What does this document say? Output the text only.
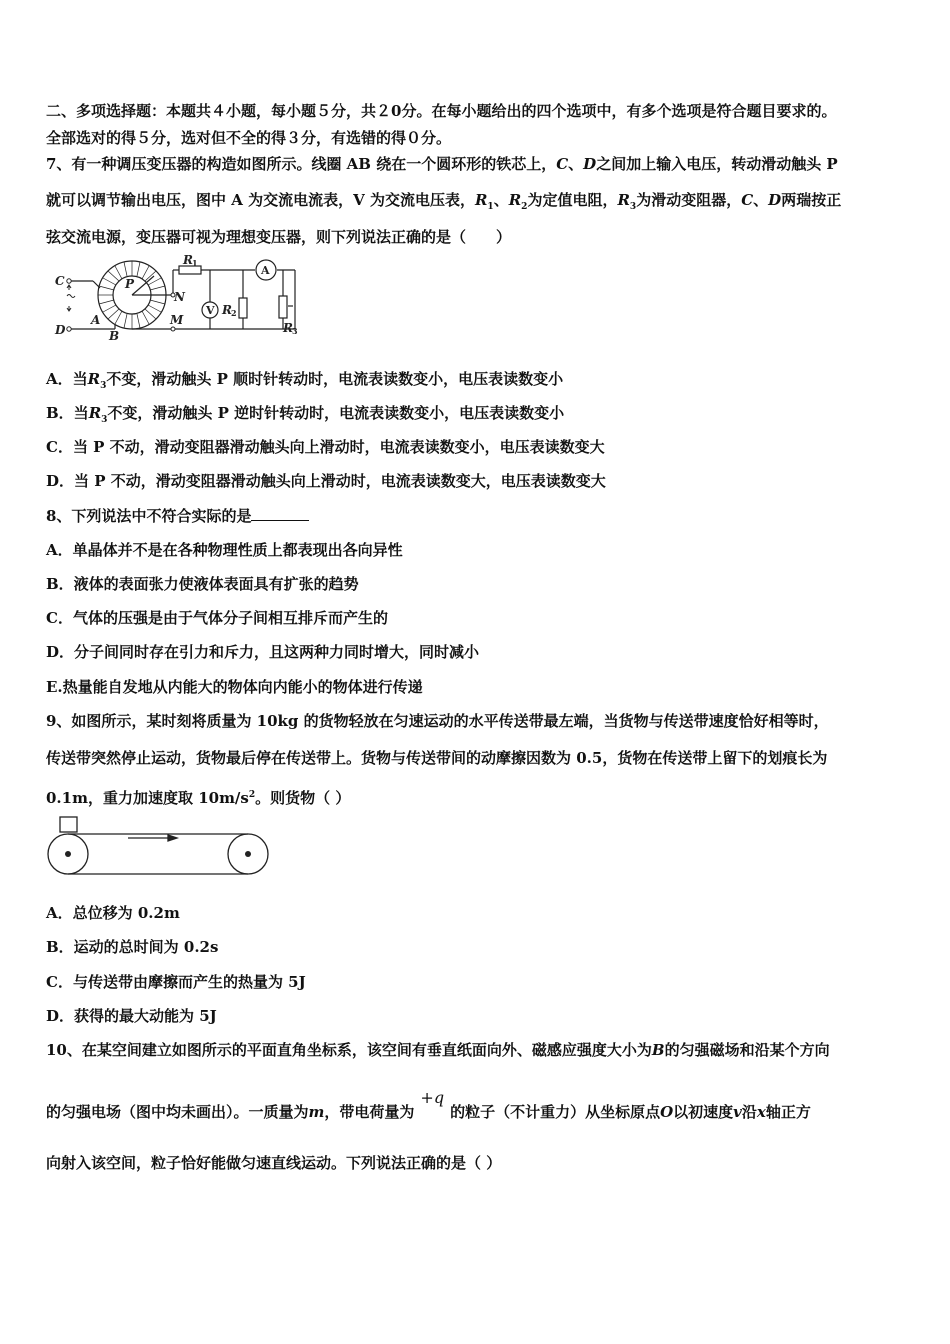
二、多项选择题：本题共４小题，每小题５分，共２0分。在每小题给出的四个选项中，有多个选项是符合题目要求的。
全部选对的得５分，选对但不全的得３分，有选错的得０分。
7、有一种调压变压器的构造如图所示。线圈 AB 绕在一个圆环形的铁芯上，C、D之间加上输入电压，转动滑动触头 P
就可以调节输出电压，图中 A 为交流电流表，V 为交流电压表，$R_1$、$R_2$为定值电阻，$R_3$为滑动变阻器，C、D两瑞按正
弦交流电源，变压器可视为理想变压器，则下列说法正确的是（　　）
C
D
A
B
P
N
M
R 1
R 2
R 3
V
A
A．当$R_3$不变，滑动触头 P 顺时针转动时，电流表读数变小，电压表读数变小
B．当$R_3$不变，滑动触头 P 逆时针转动时，电流表读数变小，电压表读数变小
C．当 P 不动，滑动变阻器滑动触头向上滑动时，电流表读数变小，电压表读数变大
D．当 P 不动，滑动变阻器滑动触头向上滑动时，电流表读数变大，电压表读数变大
8、下列说法中不符合实际的是
A．单晶体并不是在各种物理性质上都表现出各向异性
B．液体的表面张力使液体表面具有扩张的趋势
C．气体的压强是由于气体分子间相互排斥而产生的
D．分子间同时存在引力和斥力，且这两种力同时增大，同时减小
E.热量能自发地从内能大的物体向内能小的物体进行传递
9、如图所示，某时刻将质量为 10kg 的货物轻放在匀速运动的水平传送带最左端，当货物与传送带速度恰好相等时，
传送带突然停止运动，货物最后停在传送带上。货物与传送带间的动摩擦因数为 0.5，货物在传送带上留下的划痕长为
0.1m，重力加速度取 $10m/s^2$。则货物（ ）
A．总位移为 0.2m
B．运动的总时间为 0.2s
C．与传送带由摩擦而产生的热量为 5J
D．获得的最大动能为 5J
10、在某空间建立如图所示的平面直角坐标系，该空间有垂直纸面向外、磁感应强度大小为B的匀强磁场和沿某个方向
的匀强电场（图中均未画出）。一质量为m，带电荷量为+q的粒子（不计重力）从坐标原点O以初速度v沿x轴正方
向射入该空间，粒子恰好能做匀速直线运动。下列说法正确的是（ ）
